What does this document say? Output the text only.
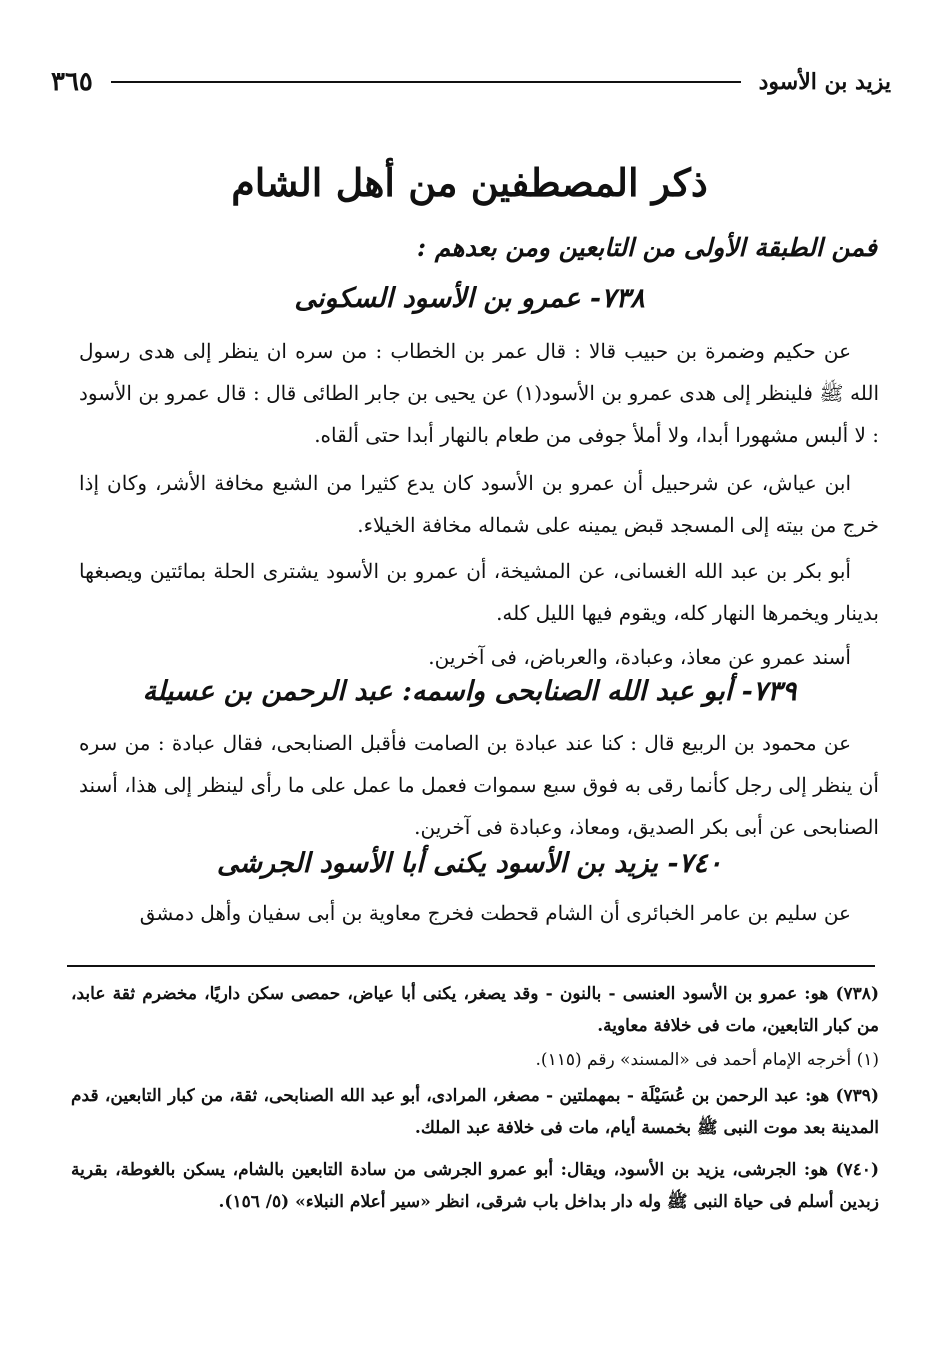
يزيد بن الأسود
٣٦٥
ذكر المصطفين من أهل الشام
فمن الطبقة الأولى من التابعين ومن بعدهم :
٧٣٨- عمرو بن الأسود السكونى
عن حكيم وضمرة بن حبيب قالا : قال عمر بن الخطاب : من سره ان ينظر إلى هدى رسول الله ﷺ فلينظر إلى هدى عمرو بن الأسود(١) عن يحيى بن جابر الطائى قال : قال عمرو بن الأسود : لا ألبس مشهورا أبدا، ولا أملأ جوفى من طعام بالنهار أبدا حتى ألقاه.
ابن عياش، عن شرحبيل أن عمرو بن الأسود كان يدع كثيرا من الشبع مخافة الأشر، وكان إذا خرج من بيته إلى المسجد قبض يمينه على شماله مخافة الخيلاء.
أبو بكر بن عبد الله الغسانى، عن المشيخة، أن عمرو بن الأسود يشترى الحلة بمائتين ويصبغها بدينار ويخمرها النهار كله، ويقوم فيها الليل كله.
أسند عمرو عن معاذ، وعبادة، والعرباض، فى آخرين.
٧٣٩- أبو عبد الله الصنابحى واسمه: عبد الرحمن بن عسيلة
عن محمود بن الربيع قال : كنا عند عبادة بن الصامت فأقبل الصنابحى، فقال عبادة : من سره أن ينظر إلى رجل كأنما رقى به فوق سبع سموات فعمل ما عمل على ما رأى لينظر إلى هذا، أسند الصنابحى عن أبى بكر الصديق، ومعاذ، وعبادة فى آخرين.
٧٤٠- يزيد بن الأسود يكنى أبا الأسود الجرشى
عن سليم بن عامر الخبائرى أن الشام قحطت فخرج معاوية بن أبى سفيان وأهل دمشق
(٧٣٨) هو: عمرو بن الأسود العنسى - بالنون - وقد يصغر، يكنى أبا عياض، حمصى سكن داريًا، مخضرم ثقة عابد، من كبار التابعين، مات فى خلافة معاوية.
(١) أخرجه الإمام أحمد فى «المسند» رقم (١١٥).
(٧٣٩) هو: عبد الرحمن بن عُسَيْلَة - بمهملتين - مصغر، المرادى، أبو عبد الله الصنابحى، ثقة، من كبار التابعين، قدم المدينة بعد موت النبى ﷺ بخمسة أيام، مات فى خلافة عبد الملك.
(٧٤٠) هو: الجرشى، يزيد بن الأسود، ويقال: أبو عمرو الجرشى من سادة التابعين بالشام، يسكن بالغوطة، بقرية زبدين أسلم فى حياة النبى ﷺ وله دار بداخل باب شرقى، انظر «سير أعلام النبلاء» (٥/ ١٥٦).
